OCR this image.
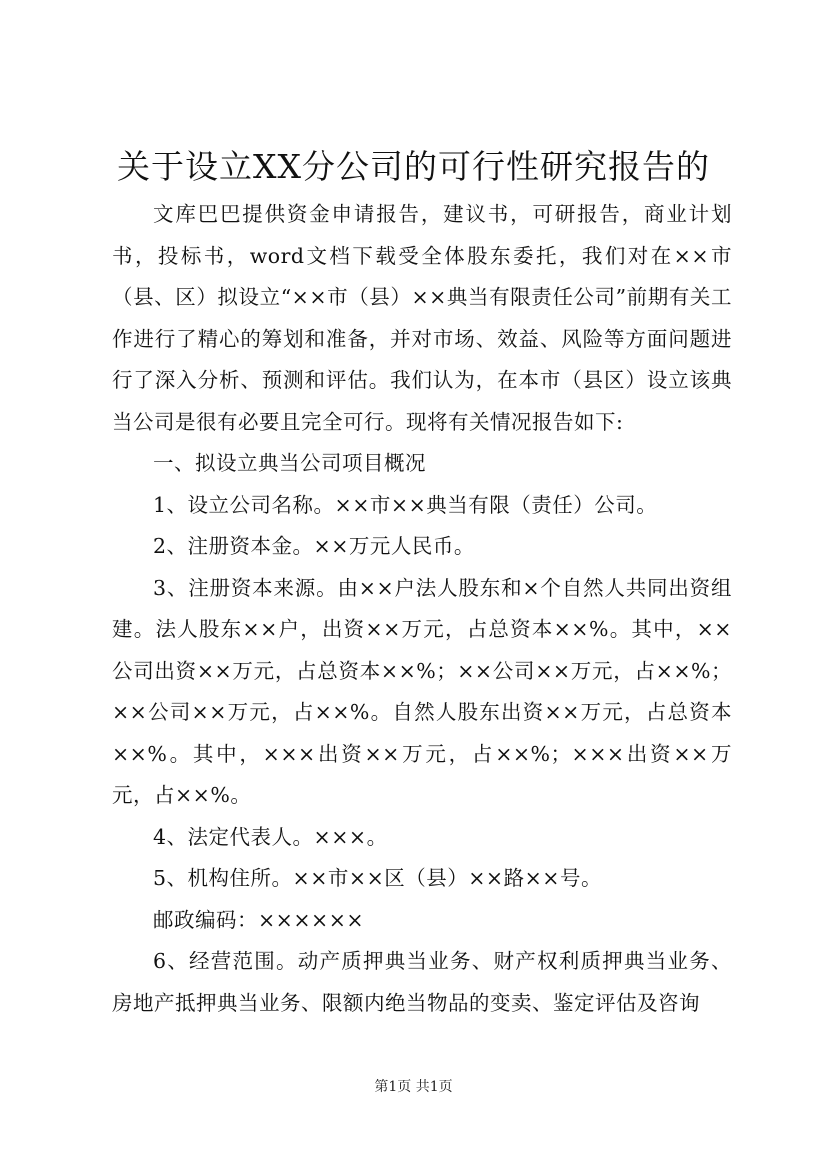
关于设立XX分公司的可行性研究报告的

文库巴巴提供资金申请报告，建议书，可研报告，商业计划书，投标书，word文档下载受全体股东委托，我们对在××市（县、区）拟设立“××市（县）××典当有限责任公司”前期有关工作进行了精心的筹划和准备，并对市场、效益、风险等方面问题进行了深入分析、预测和评估。我们认为，在本市（县区）设立该典当公司是很有必要且完全可行。现将有关情况报告如下:

一、拟设立典当公司项目概况

1、设立公司名称。××市××典当有限（责任）公司。

2、注册资本金。××万元人民币。

3、注册资本来源。由××户法人股东和×个自然人共同出资组建。法人股东××户，出资××万元，占总资本××%。其中，××公司出资××万元，占总资本××%；××公司××万元，占××%；××公司××万元，占××%。自然人股东出资××万元，占总资本××%。其中，×××出资××万元，占××%；×××出资××万元，占××%。

4、法定代表人。×××。

5、机构住所。××市××区（县）××路××号。

邮政编码：××××××

6、经营范围。动产质押典当业务、财产权利质押典当业务、房地产抵押典当业务、限额内绝当物品的变卖、鉴定评估及咨询

第1页 共1页
